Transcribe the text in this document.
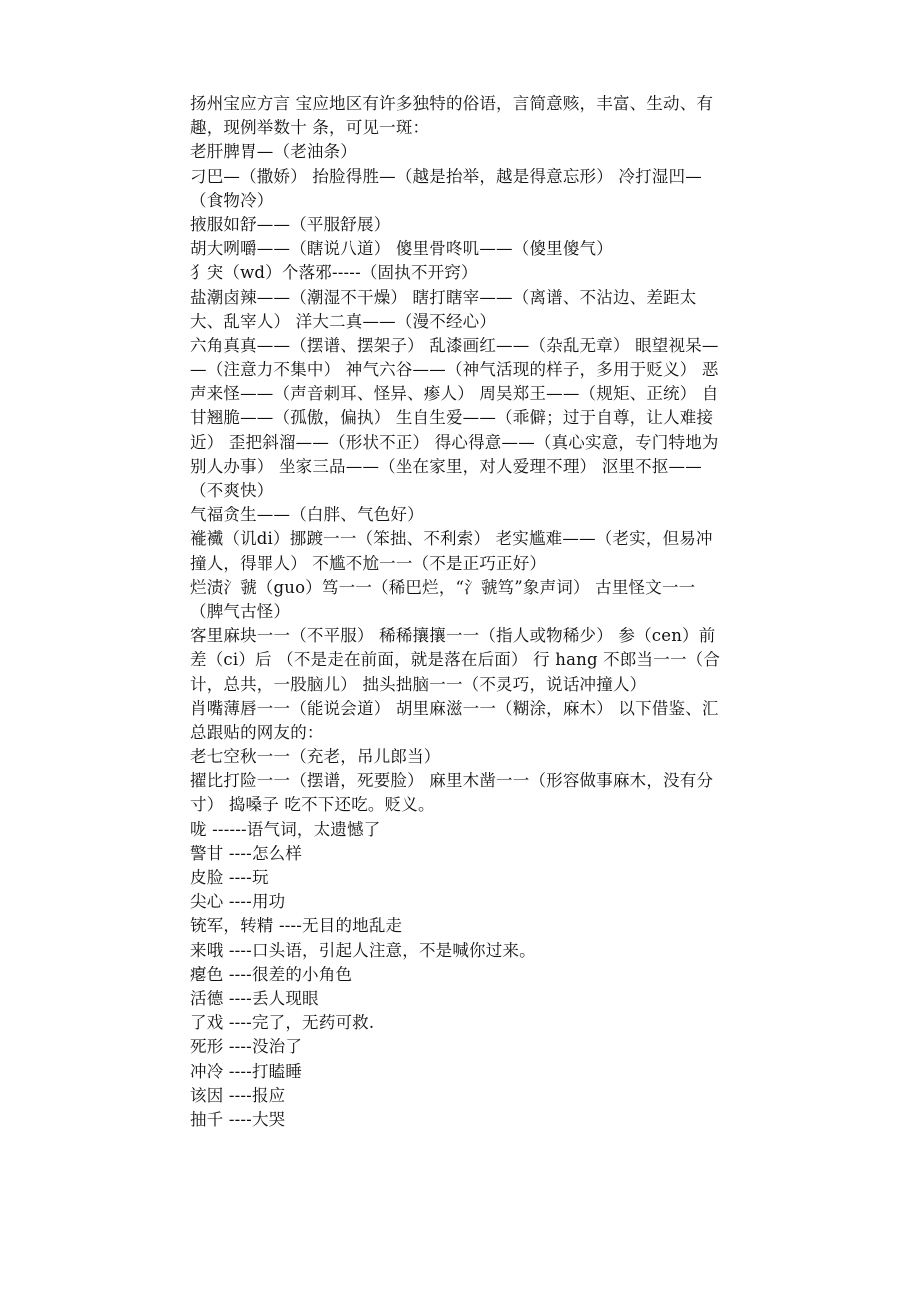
扬州宝应方言 宝应地区有许多独特的俗语，言简意赅，丰富、生动、有
趣，现例举数十 条，可见一斑：
老肝脾胃—（老油条）
刁巴—（撒娇） 抬脸得胜—（越是抬举，越是得意忘形） 冷打湿凹—
（食物冷）
掖服如舒——（平服舒展）
胡大咧嚼——（瞎说八道） 傻里骨咚叽——（傻里傻气）
犭宊（wd）个落邪-----（固执不开窍）
盐潮卤辣——（潮湿不干燥） 瞎打瞎宰——（离谱、不沾边、差距太
大、乱宰人） 洋大二真——（漫不经心）
六角真真——（摆谱、摆架子） 乱漆画红——（杂乱无章） 眼望视呆—
—（注意力不集中） 神气六谷——（神气活现的样子，多用于贬义） 恶
声来怪——（声音刺耳、怪异、瘆人） 周吴郑王——（规矩、正统） 自
甘翘脆——（孤傲，偏执） 生自生爱——（乖僻；过于自尊，让人难接
近） 歪把斜溜——（形状不正） 得心得意——（真心实意，专门特地为
别人办事） 坐家三品——（坐在家里，对人爱理不理） 沤里不抠——
（不爽快）
气福贪生——（白胖、气色好）
褦襶（讥di）挪踱一一（笨拙、不利索） 老实尴难——（老实，但易冲
撞人，得罪人） 不尴不尬一一（不是正巧正好）
烂渍氵虢（guo）笃一一（稀巴烂，“氵虢笃”象声词） 古里怪文一一
（脾气古怪）
客里麻块一一（不平服） 稀稀攘攘一一（指人或物稀少） 参（cen）前
差（ci）后 （不是走在前面，就是落在后面） 行 hang 不郎当一一（合
计，总共，一股脑儿） 拙头拙脑一一（不灵巧，说话冲撞人）
肖嘴薄唇一一（能说会道） 胡里麻滋一一（糊涂，麻木） 以下借鉴、汇
总跟贴的网友的：
老七空秋一一（充老，吊儿郎当）
擢比打险一一（摆谱，死要脸） 麻里木凿一一（形容做事麻木，没有分
寸） 捣嗓子 吃不下还吃。贬义。
咙 ------语气词，太遗憾了
警甘 ----怎么样
皮脸 ----玩
尖心 ----用功
铳军，转精 ----无目的地乱走
来哦 ----口头语，引起人注意，不是喊你过来。
瘪色 ----很差的小角色
活德 ----丢人现眼
了戏 ----完了，无药可救.
死形 ----没治了
冲冷 ----打瞌睡
该因 ----报应
抽千 ----大哭
